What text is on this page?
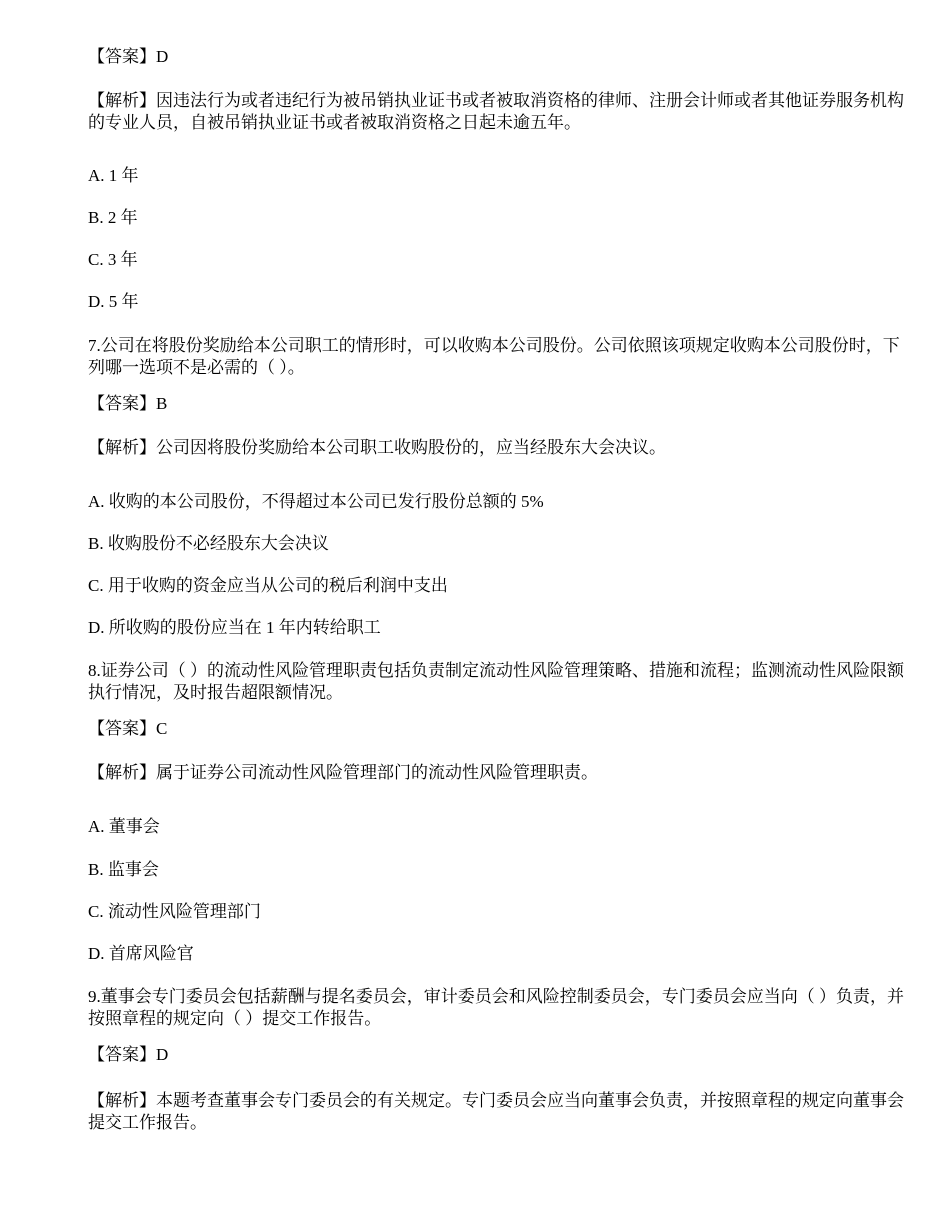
【答案】D

【解析】因违法行为或者违纪行为被吊销执业证书或者被取消资格的律师、注册会计师或者其他证券服务机构的专业人员，自被吊销执业证书或者被取消资格之日起未逾五年。

A. 1 年

B. 2 年

C. 3 年

D. 5 年

7.公司在将股份奖励给本公司职工的情形时，可以收购本公司股份。公司依照该项规定收购本公司股份时，下列哪一选项不是必需的（ ）。

【答案】B

【解析】公司因将股份奖励给本公司职工收购股份的，应当经股东大会决议。

A. 收购的本公司股份，不得超过本公司已发行股份总额的 5%

B. 收购股份不必经股东大会决议

C. 用于收购的资金应当从公司的税后利润中支出

D. 所收购的股份应当在 1 年内转给职工

8.证券公司（ ）的流动性风险管理职责包括负责制定流动性风险管理策略、措施和流程；监测流动性风险限额执行情况，及时报告超限额情况。

【答案】C

【解析】属于证券公司流动性风险管理部门的流动性风险管理职责。

A. 董事会

B. 监事会

C. 流动性风险管理部门

D. 首席风险官

9.董事会专门委员会包括薪酬与提名委员会，审计委员会和风险控制委员会，专门委员会应当向（ ）负责，并按照章程的规定向（ ）提交工作报告。

【答案】D

【解析】本题考查董事会专门委员会的有关规定。专门委员会应当向董事会负责，并按照章程的规定向董事会提交工作报告。
